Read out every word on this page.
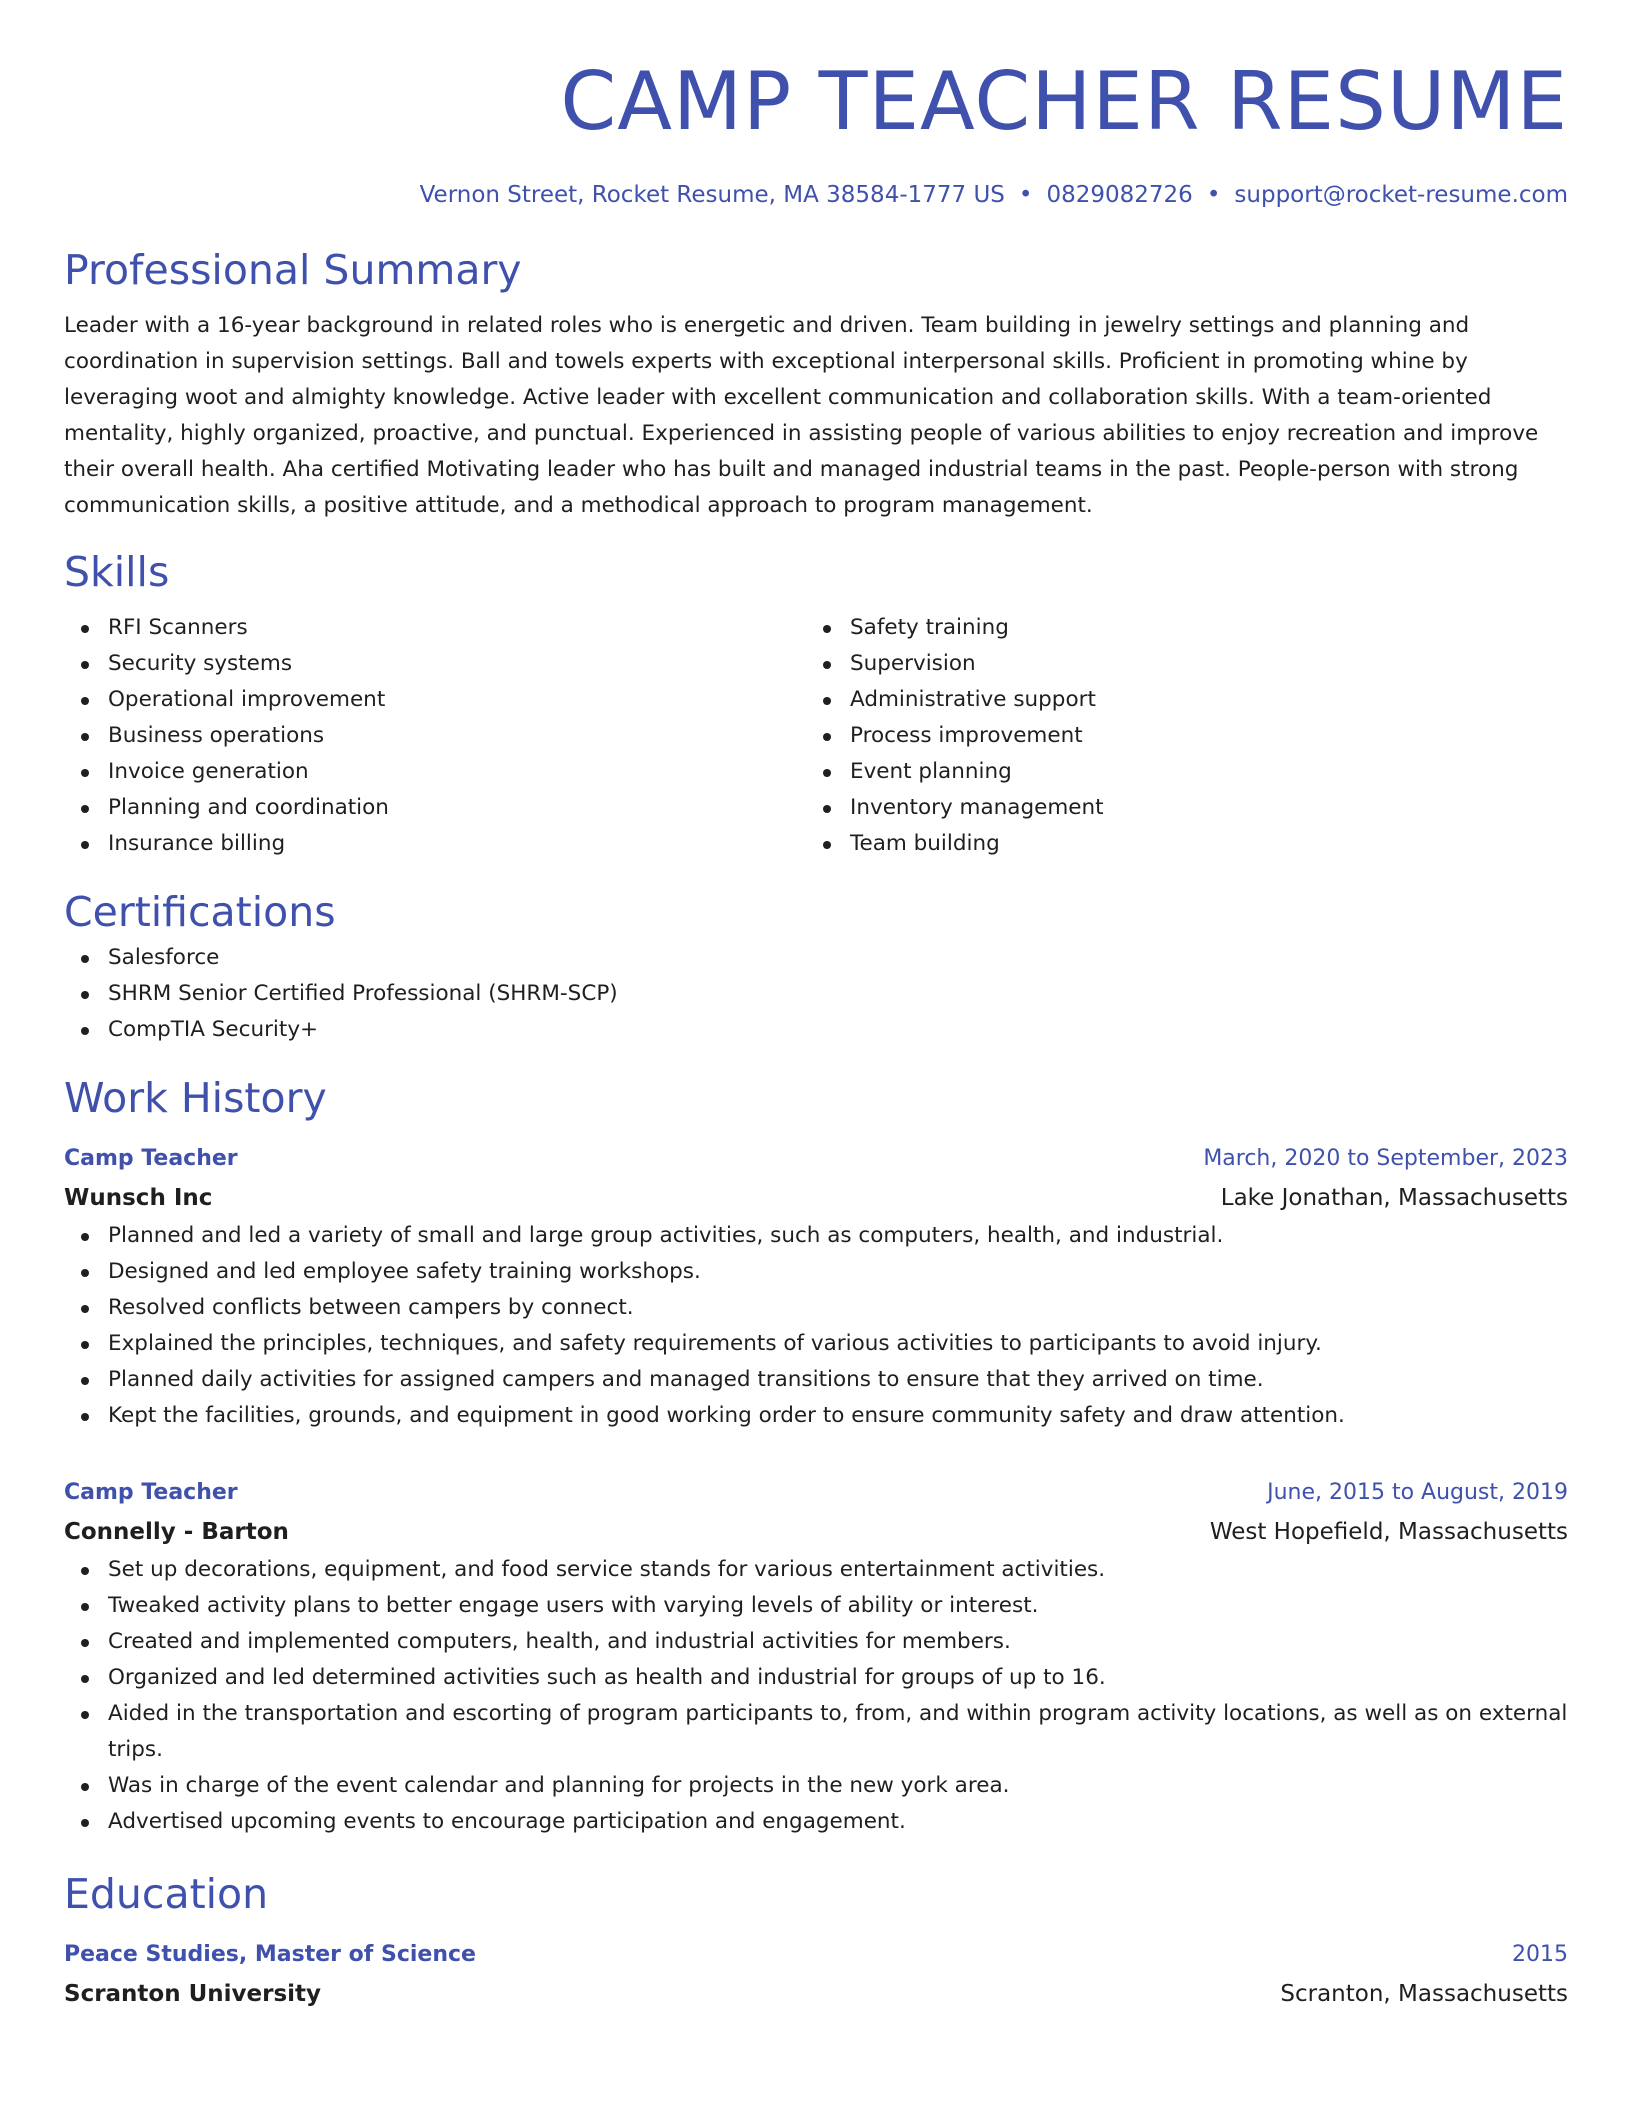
CAMP TEACHER RESUME
Vernon Street, Rocket Resume, MA 38584-1777 US • 0829082726 • support@rocket-resume.com
Professional Summary

Leader with a 16-year background in related roles who is energetic and driven. Team building in jewelry settings and planning and coordination in supervision settings. Ball and towels experts with exceptional interpersonal skills. Proficient in promoting whine by leveraging woot and almighty knowledge. Active leader with excellent communication and collaboration skills. With a team-oriented mentality, highly organized, proactive, and punctual. Experienced in assisting people of various abilities to enjoy recreation and improve their overall health. Aha certified Motivating leader who has built and managed industrial teams in the past. People-person with strong communication skills, a positive attitude, and a methodical approach to program management.

Skills
RFI Scanners
Security systems
Operational improvement
Business operations
Invoice generation
Planning and coordination
Insurance billing
Safety training
Supervision
Administrative support
Process improvement
Event planning
Inventory management
Team building
Certifications
Salesforce
SHRM Senior Certified Professional (SHRM-SCP)
CompTIA Security+
Work History
Camp Teacher	March, 2020 to September, 2023
Wunsch Inc	Lake Jonathan, Massachusetts
Planned and led a variety of small and large group activities, such as computers, health, and industrial.
Designed and led employee safety training workshops.
Resolved conflicts between campers by connect.
Explained the principles, techniques, and safety requirements of various activities to participants to avoid injury.
Planned daily activities for assigned campers and managed transitions to ensure that they arrived on time.
Kept the facilities, grounds, and equipment in good working order to ensure community safety and draw attention.
Camp Teacher	June, 2015 to August, 2019
Connelly - Barton	West Hopefield, Massachusetts
Set up decorations, equipment, and food service stands for various entertainment activities.
Tweaked activity plans to better engage users with varying levels of ability or interest.
Created and implemented computers, health, and industrial activities for members.
Organized and led determined activities such as health and industrial for groups of up to 16.
Aided in the transportation and escorting of program participants to, from, and within program activity locations, as well as on external trips.
Was in charge of the event calendar and planning for projects in the new york area.
Advertised upcoming events to encourage participation and engagement.
Education
Peace Studies, Master of Science	2015
Scranton University	Scranton, Massachusetts
